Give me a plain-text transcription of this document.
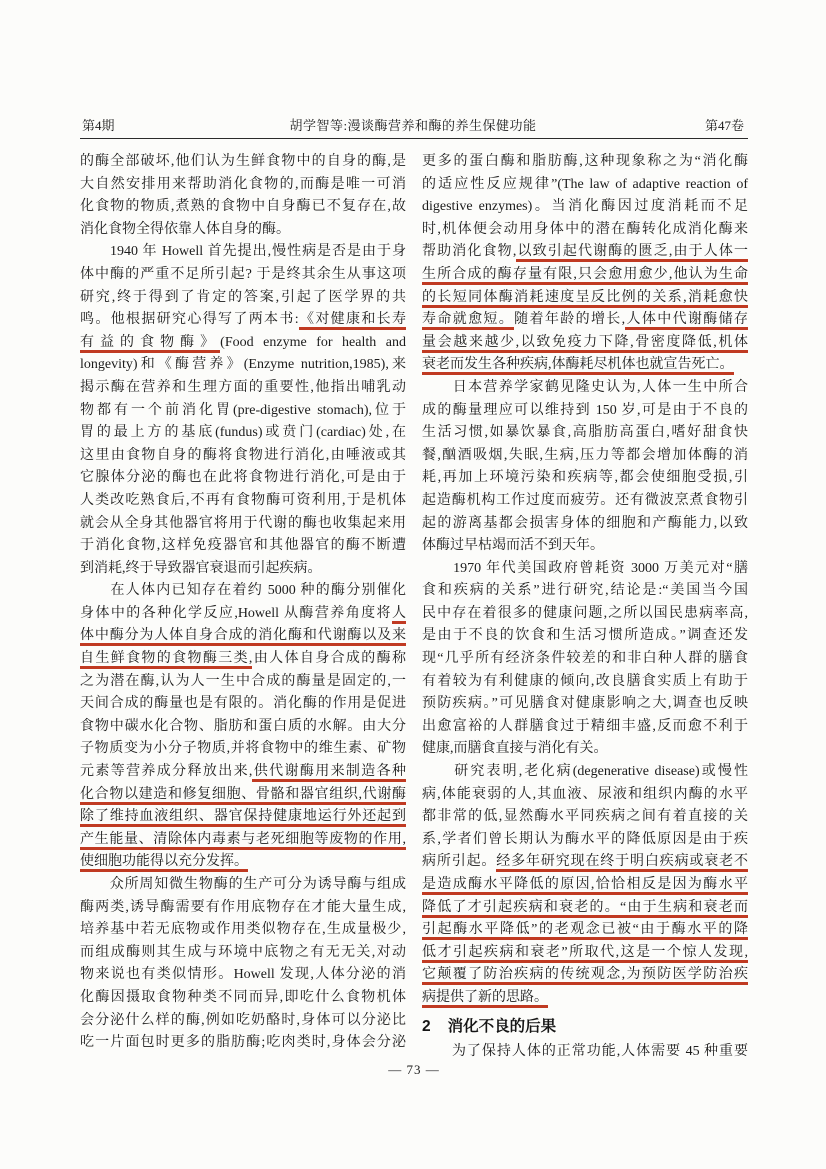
第4期	胡学智等:漫谈酶营养和酶的养生保健功能	第47卷
的酶全部破坏,他们认为生鲜食物中的自身的酶,是
大自然安排用来帮助消化食物的,而酶是唯一可消
化食物的物质,煮熟的食物中自身酶已不复存在,故
消化食物全得依靠人体自身的酶。
　　1940 年 Howell 首先提出,慢性病是否是由于身
体中酶的严重不足所引起? 于是终其余生从事这项
研究,终于得到了肯定的答案,引起了医学界的共
鸣。他根据研究心得写了两本书:《对健康和长寿
有益的食物酶》(Food enzyme for health and
longevity)和《酶营养》(Enzyme nutrition,1985),来
揭示酶在营养和生理方面的重要性,他指出哺乳动
物都有一个前消化胃(pre-digestive stomach),位于
胃的最上方的基底(fundus)或贲门(cardiac)处,在
这里由食物自身的酶将食物进行消化,由唾液或其
它腺体分泌的酶也在此将食物进行消化,可是由于
人类改吃熟食后,不再有食物酶可资利用,于是机体
就会从全身其他器官将用于代谢的酶也收集起来用
于消化食物,这样免疫器官和其他器官的酶不断遭
到消耗,终于导致器官衰退而引起疾病。
　　在人体内已知存在着约 5000 种的酶分别催化
身体中的各种化学反应,Howell 从酶营养角度将人
体中酶分为人体自身合成的消化酶和代谢酶以及来
自生鲜食物的食物酶三类,由人体自身合成的酶称
之为潜在酶,认为人一生中合成的酶量是固定的,一
天间合成的酶量也是有限的。消化酶的作用是促进
食物中碳水化合物、脂肪和蛋白质的水解。由大分
子物质变为小分子物质,并将食物中的维生素、矿物
元素等营养成分释放出来,供代谢酶用来制造各种
化合物以建造和修复细胞、骨骼和器官组织,代谢酶
除了维持血液组织、器官保持健康地运行外还起到
产生能量、清除体内毒素与老死细胞等废物的作用,
使细胞功能得以充分发挥。
　　众所周知微生物酶的生产可分为诱导酶与组成
酶两类,诱导酶需要有作用底物存在才能大量生成,
培养基中若无底物或作用类似物存在,生成量极少,
而组成酶则其生成与环境中底物之有无无关,对动
物来说也有类似情形。Howell 发现,人体分泌的消
化酶因摄取食物种类不同而异,即吃什么食物机体
会分泌什么样的酶,例如吃奶酪时,身体可以分泌比
吃一片面包时更多的脂肪酶;吃肉类时,身体会分泌
更多的蛋白酶和脂肪酶,这种现象称之为“消化酶
的适应性反应规律”(The law of adaptive reaction of
digestive enzymes)。当消化酶因过度消耗而不足
时,机体便会动用身体中的潜在酶转化成消化酶来
帮助消化食物,以致引起代谢酶的匮乏,由于人体一
生所合成的酶存量有限,只会愈用愈少,他认为生命
的长短同体酶消耗速度呈反比例的关系,消耗愈快
寿命就愈短。随着年龄的增长,人体中代谢酶储存
量会越来越少,以致免疫力下降,骨密度降低,机体
衰老而发生各种疾病,体酶耗尽机体也就宣告死亡。
　　日本营养学家鹤见隆史认为,人体一生中所合
成的酶量理应可以维持到 150 岁,可是由于不良的
生活习惯,如暴饮暴食,高脂肪高蛋白,嗜好甜食快
餐,酗酒吸烟,失眠,生病,压力等都会增加体酶的消
耗,再加上环境污染和疾病等,都会使细胞受损,引
起造酶机构工作过度而疲劳。还有微波烹煮食物引
起的游离基都会损害身体的细胞和产酶能力,以致
体酶过早枯竭而活不到天年。
　　1970 年代美国政府曾耗资 3000 万美元对“膳
食和疾病的关系”进行研究,结论是:“美国当今国
民中存在着很多的健康问题,之所以国民患病率高,
是由于不良的饮食和生活习惯所造成。”调查还发
现“几乎所有经济条件较差的和非白种人群的膳食
有着较为有利健康的倾向,改良膳食实质上有助于
预防疾病。”可见膳食对健康影响之大,调查也反映
出愈富裕的人群膳食过于精细丰盛,反而愈不利于
健康,而膳食直接与消化有关。
　　研究表明,老化病(degenerative disease)或慢性
病,体能衰弱的人,其血液、尿液和组织内酶的水平
都非常的低,显然酶水平同疾病之间有着直接的关
系,学者们曾长期认为酶水平的降低原因是由于疾
病所引起。经多年研究现在终于明白疾病或衰老不
是造成酶水平降低的原因,恰恰相反是因为酶水平
降低了才引起疾病和衰老的。“由于生病和衰老而
引起酶水平降低”的老观念已被“由于酶水平的降
低才引起疾病和衰老”所取代,这是一个惊人发现,
它颠覆了防治疾病的传统观念,为预防医学防治疾
病提供了新的思路。
2 消化不良的后果
　　为了保持人体的正常功能,人体需要 45 种重要
— 73 —
